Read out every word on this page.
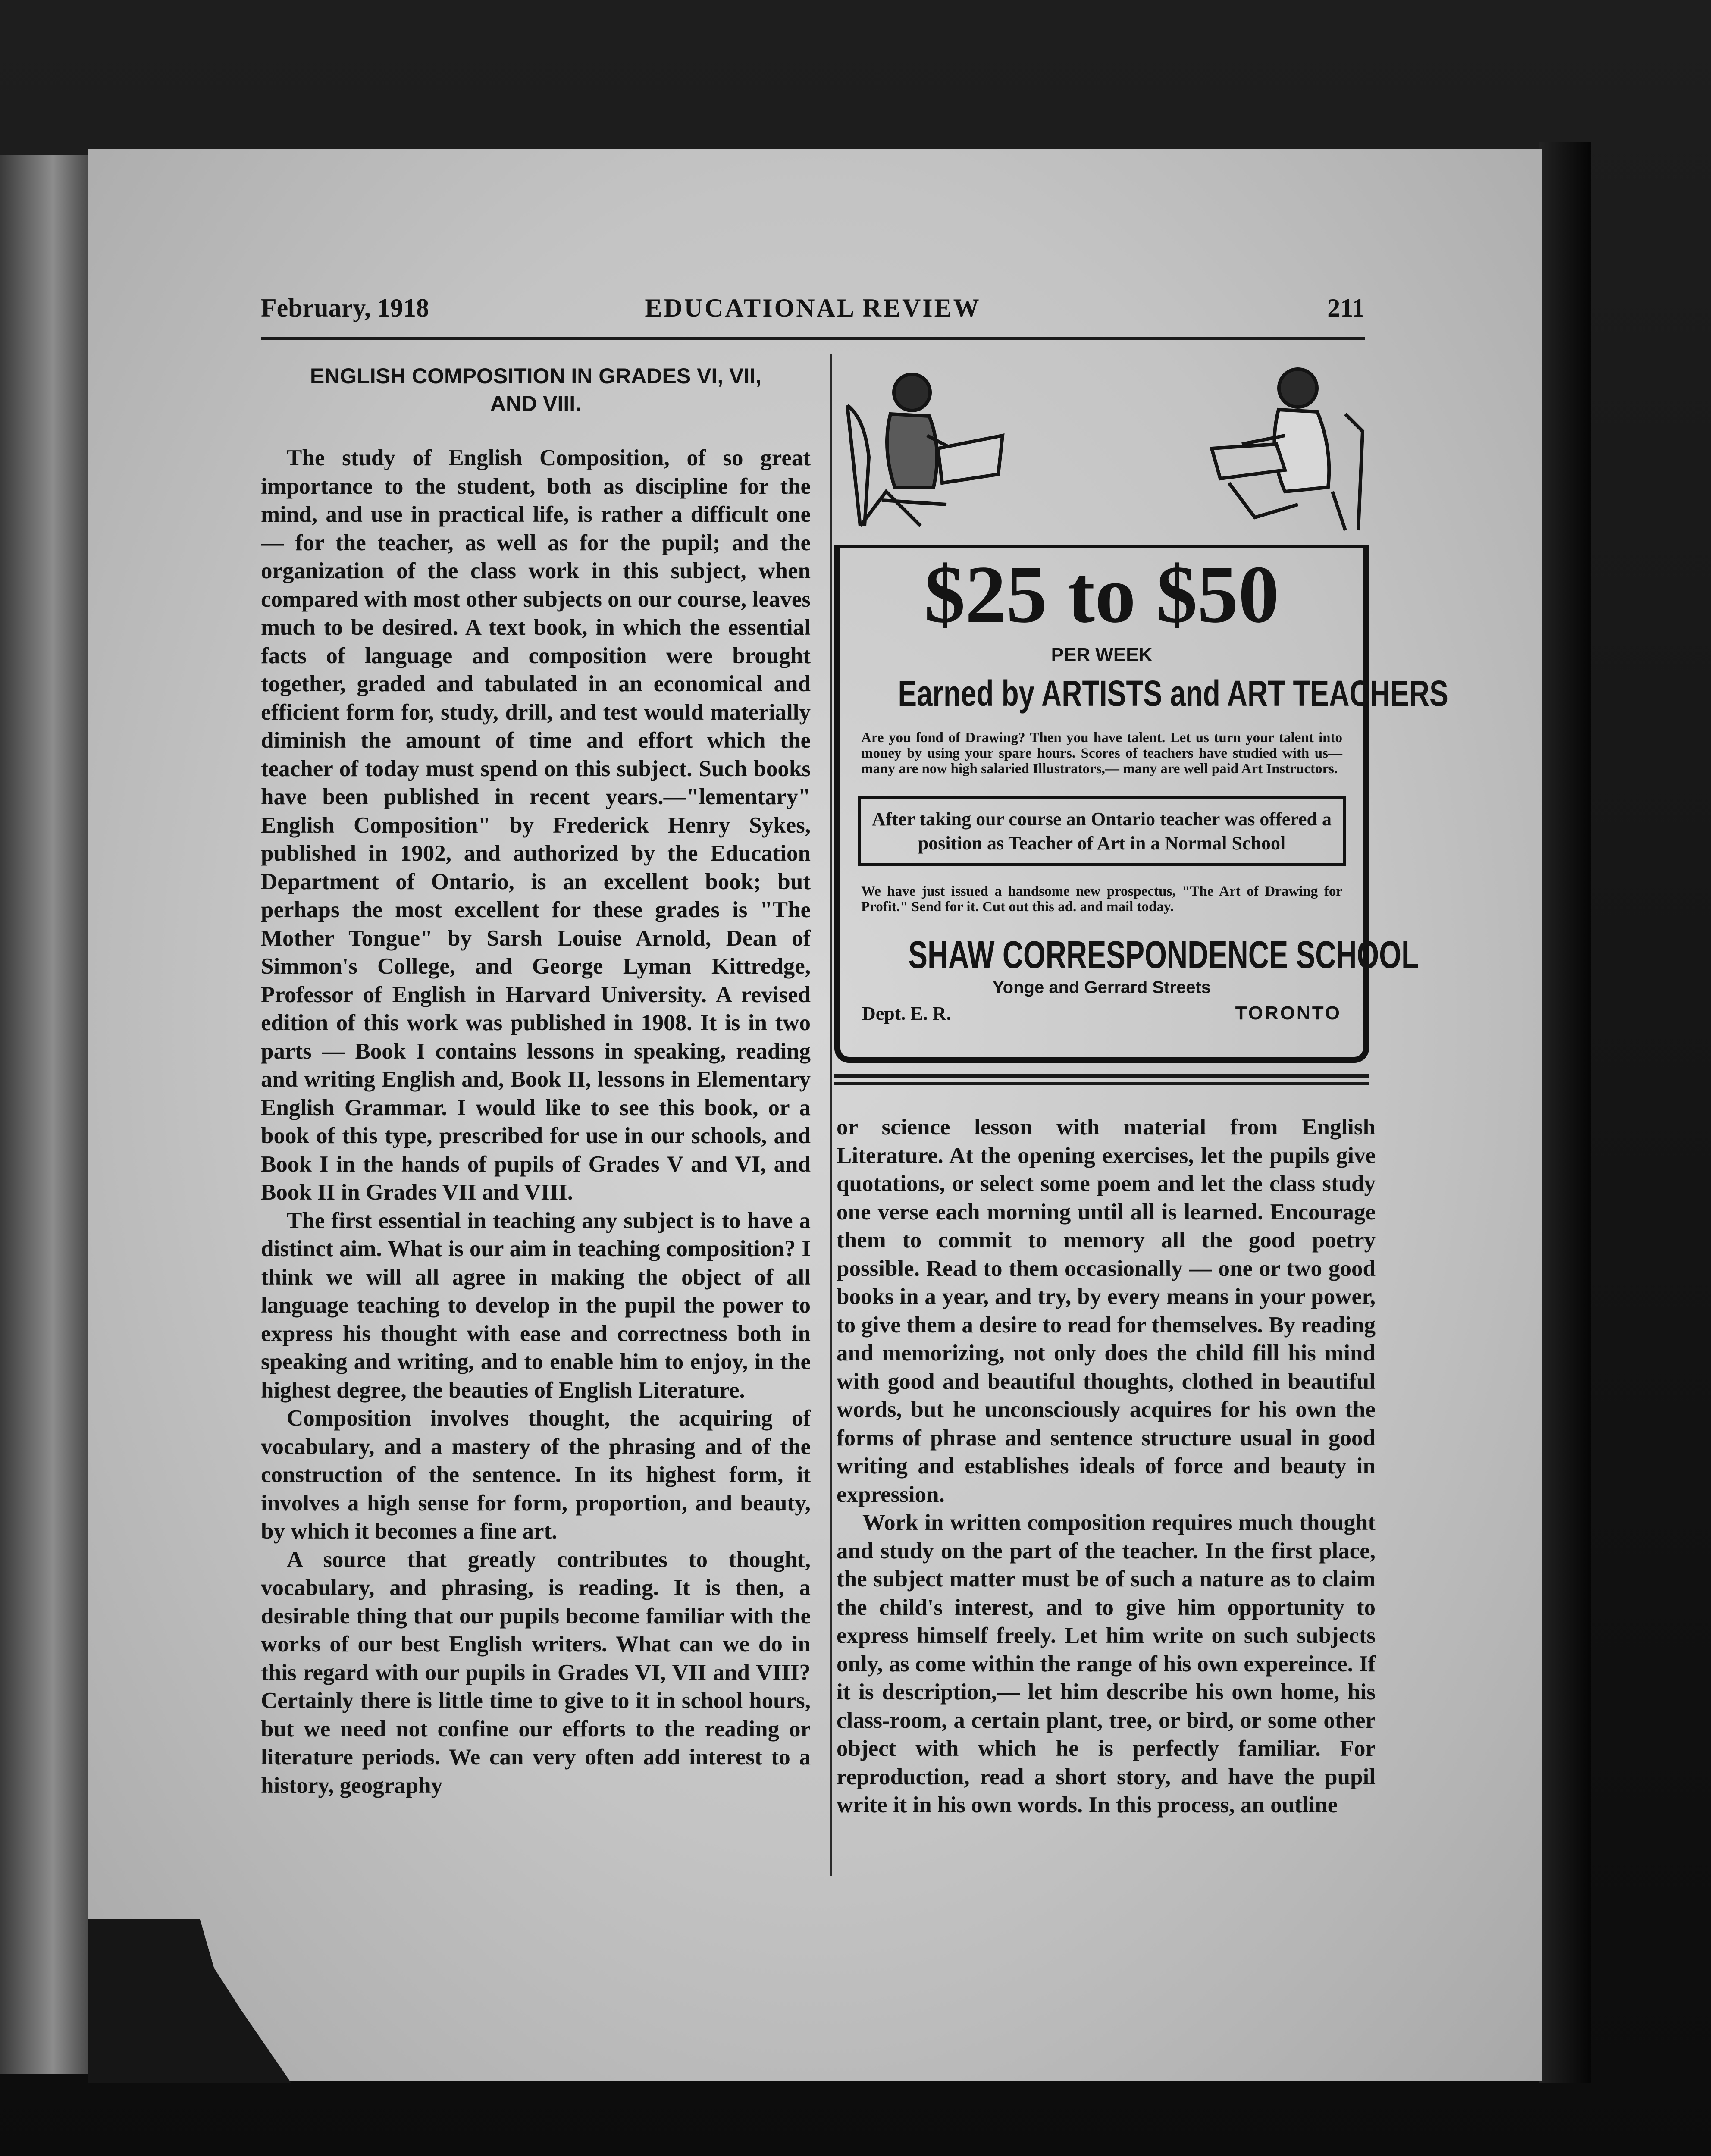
February, 1918	EDUCATIONAL REVIEW	211
ENGLISH COMPOSITION IN GRADES VI, VII,
AND VIII.

The study of English Composition, of so great importance to the student, both as discipline for the mind, and use in practical life, is rather a difficult one — for the teacher, as well as for the pupil; and the organization of the class work in this subject, when compared with most other subjects on our course, leaves much to be desired. A text book, in which the essential facts of language and composition were brought together, graded and tabulated in an economical and efficient form for, study, drill, and test would materially diminish the amount of time and effort which the teacher of today must spend on this subject. Such books have been published in recent years.—"lementary" English Composition" by Frederick Henry Sykes, published in 1902, and authorized by the Education Department of Ontario, is an excellent book; but perhaps the most excellent for these grades is "The Mother Tongue" by Sarsh Louise Arnold, Dean of Simmon's College, and George Lyman Kittredge, Professor of English in Harvard University. A revised edition of this work was published in 1908. It is in two parts — Book I contains lessons in speaking, reading and writing English and, Book II, lessons in Elementary English Grammar. I would like to see this book, or a book of this type, prescribed for use in our schools, and Book I in the hands of pupils of Grades V and VI, and Book II in Grades VII and VIII.

The first essential in teaching any subject is to have a distinct aim. What is our aim in teaching composition? I think we will all agree in making the object of all language teaching to develop in the pupil the power to express his thought with ease and correctness both in speaking and writing, and to enable him to enjoy, in the highest degree, the beauties of English Literature.

Composition involves thought, the acquiring of vocabulary, and a mastery of the phrasing and of the construction of the sentence. In its highest form, it involves a high sense for form, proportion, and beauty, by which it becomes a fine art.

A source that greatly contributes to thought, vocabulary, and phrasing, is reading. It is then, a desirable thing that our pupils become familiar with the works of our best English writers. What can we do in this regard with our pupils in Grades VI, VII and VIII? Certainly there is little time to give to it in school hours, but we need not confine our efforts to the reading or literature periods. We can very often add interest to a history, geography

$25 to $50
PER WEEK
Earned by ARTISTS and ART TEACHERS
Are you fond of Drawing? Then you have talent. Let us turn your talent into money by using your spare hours. Scores of teachers have studied with us—many are now high salaried Illustrators,— many are well paid Art Instructors.
After taking our course an Ontario teacher was offered a position as Teacher of Art in a Normal School
We have just issued a handsome new prospectus, "The Art of Drawing for Profit." Send for it. Cut out this ad. and mail today.
SHAW CORRESPONDENCE SCHOOL
Yonge and Gerrard Streets
Dept. E. R.	TORONTO

or science lesson with material from English Literature. At the opening exercises, let the pupils give quotations, or select some poem and let the class study one verse each morning until all is learned. Encourage them to commit to memory all the good poetry possible. Read to them occasionally — one or two good books in a year, and try, by every means in your power, to give them a desire to read for themselves. By reading and memorizing, not only does the child fill his mind with good and beautiful thoughts, clothed in beautiful words, but he unconsciously acquires for his own the forms of phrase and sentence structure usual in good writing and establishes ideals of force and beauty in expression.

Work in written composition requires much thought and study on the part of the teacher. In the first place, the subject matter must be of such a nature as to claim the child's interest, and to give him opportunity to express himself freely. Let him write on such subjects only, as come within the range of his own expereince. If it is description,— let him describe his own home, his class-room, a certain plant, tree, or bird, or some other object with which he is perfectly familiar. For reproduction, read a short story, and have the pupil write it in his own words. In this process, an outline
